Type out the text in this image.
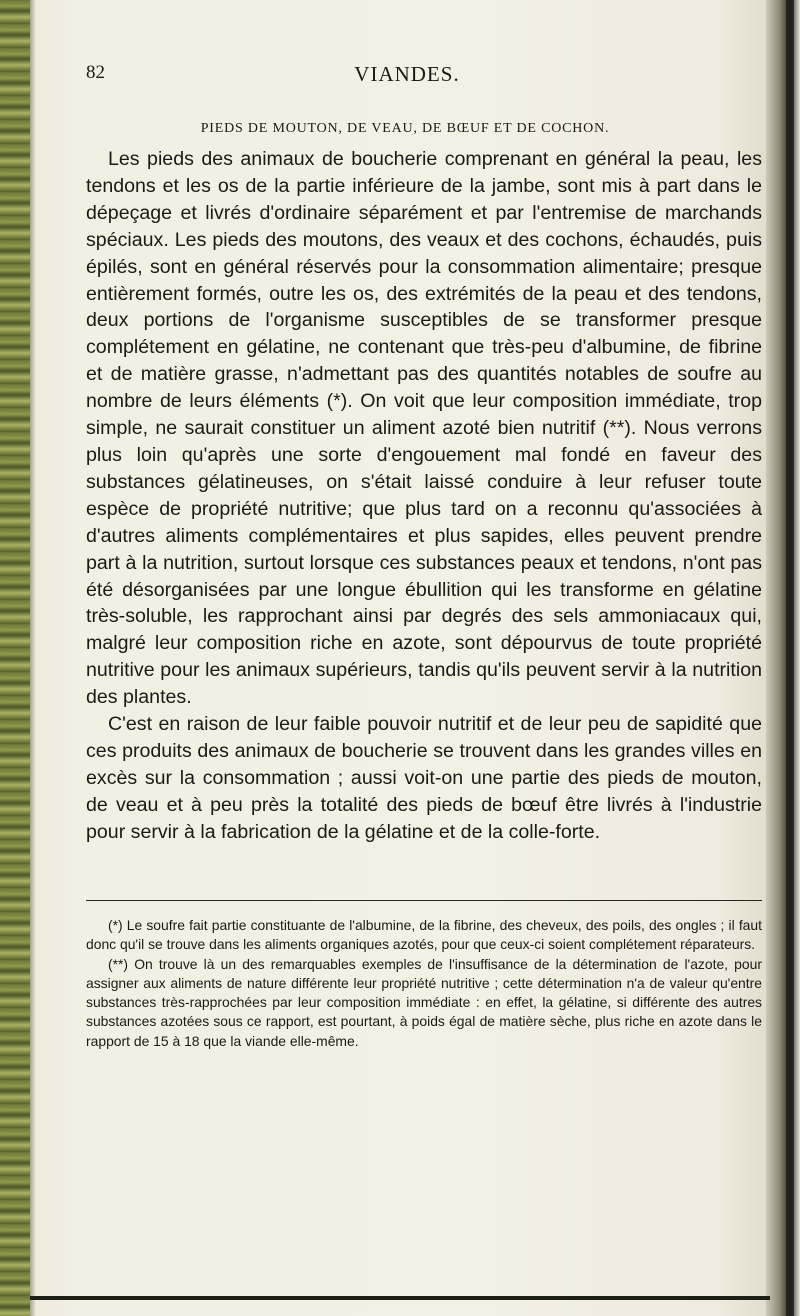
82	VIANDES.
PIEDS DE MOUTON, DE VEAU, DE BŒUF ET DE COCHON.

Les pieds des animaux de boucherie comprenant en général la peau, les tendons et les os de la partie inférieure de la jambe, sont mis à part dans le dépeçage et livrés d'ordinaire séparément et par l'entremise de marchands spéciaux. Les pieds des moutons, des veaux et des cochons, échaudés, puis épilés, sont en général réservés pour la consommation alimentaire; presque entièrement formés, outre les os, des extrémités de la peau et des tendons, deux portions de l'organisme susceptibles de se transformer presque complétement en gélatine, ne contenant que très-peu d'albumine, de fibrine et de matière grasse, n'admettant pas des quantités notables de soufre au nombre de leurs éléments (*). On voit que leur composition immédiate, trop simple, ne saurait constituer un aliment azoté bien nutritif (**). Nous verrons plus loin qu'après une sorte d'engouement mal fondé en faveur des substances gélatineuses, on s'était laissé conduire à leur refuser toute espèce de propriété nutritive; que plus tard on a reconnu qu'associées à d'autres aliments complémentaires et plus sapides, elles peuvent prendre part à la nutrition, surtout lorsque ces substances peaux et tendons, n'ont pas été désorganisées par une longue ébullition qui les transforme en gélatine très-soluble, les rapprochant ainsi par degrés des sels ammoniacaux qui, malgré leur composition riche en azote, sont dépourvus de toute propriété nutritive pour les animaux supérieurs, tandis qu'ils peuvent servir à la nutrition des plantes.

C'est en raison de leur faible pouvoir nutritif et de leur peu de sapidité que ces produits des animaux de boucherie se trouvent dans les grandes villes en excès sur la consommation ; aussi voit-on une partie des pieds de mouton, de veau et à peu près la totalité des pieds de bœuf être livrés à l'industrie pour servir à la fabrication de la gélatine et de la colle-forte.

(*) Le soufre fait partie constituante de l'albumine, de la fibrine, des cheveux, des poils, des ongles ; il faut donc qu'il se trouve dans les aliments organiques azotés, pour que ceux-ci soient complétement réparateurs.

(**) On trouve là un des remarquables exemples de l'insuffisance de la détermination de l'azote, pour assigner aux aliments de nature différente leur propriété nutritive ; cette détermination n'a de valeur qu'entre substances très-rapprochées par leur composition immédiate : en effet, la gélatine, si différente des autres substances azotées sous ce rapport, est pourtant, à poids égal de matière sèche, plus riche en azote dans le rapport de 15 à 18 que la viande elle-même.
